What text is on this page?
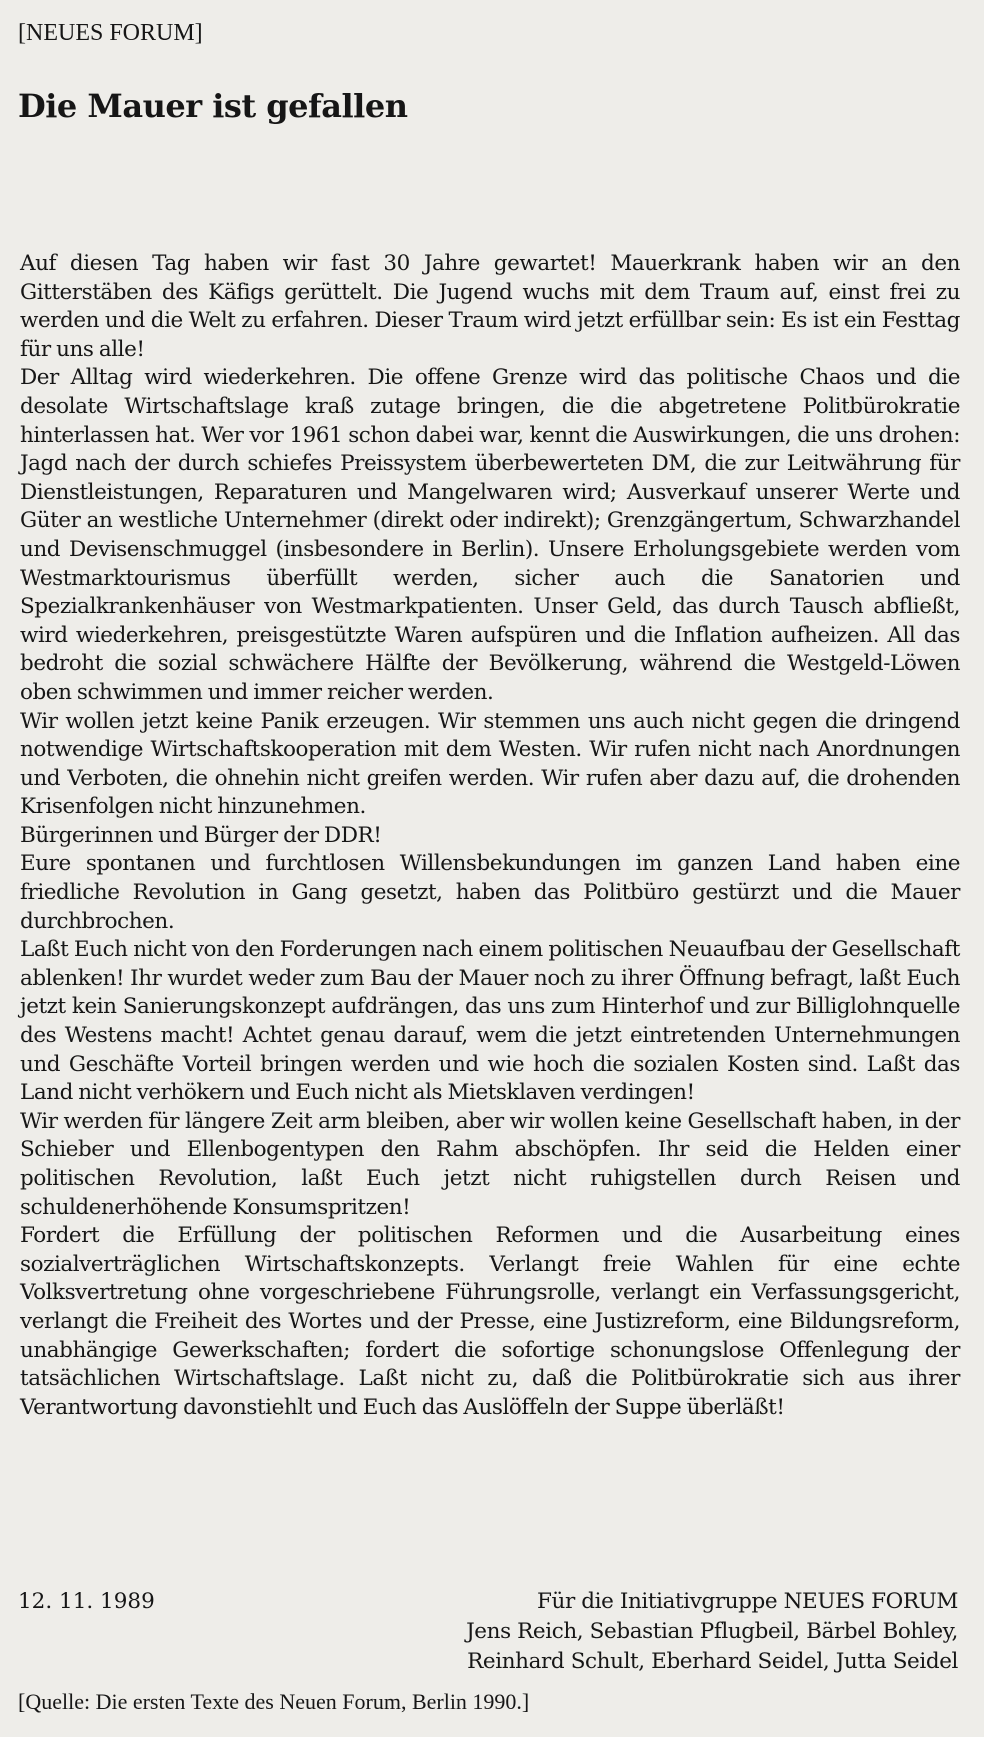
[NEUES FORUM]
Die Mauer ist gefallen

Auf diesen Tag haben wir fast 30 Jahre gewartet! Mauerkrank haben wir an den Gitterstäben des Käfigs gerüttelt. Die Jugend wuchs mit dem Traum auf, einst frei zu werden und die Welt zu erfahren. Dieser Traum wird jetzt erfüllbar sein: Es ist ein Festtag für uns alle!

Der Alltag wird wiederkehren. Die offene Grenze wird das politische Chaos und die desolate Wirtschaftslage kraß zutage bringen, die die abgetretene Politbürokratie hinterlassen hat. Wer vor 1961 schon dabei war, kennt die Auswirkungen, die uns drohen: Jagd nach der durch schiefes Preissystem überbewerteten DM, die zur Leitwährung für Dienstleistungen, Reparaturen und Mangelwaren wird; Ausverkauf unserer Werte und Güter an westliche Unternehmer (direkt oder indirekt); Grenzgängertum, Schwarzhandel und Devisenschmuggel (insbesondere in Berlin). Unsere Erholungsgebiete werden vom Westmarktourismus überfüllt werden, sicher auch die Sanatorien und Spezialkrankenhäuser von Westmarkpatienten. Unser Geld, das durch Tausch abfließt, wird wiederkehren, preisgestützte Waren aufspüren und die Inflation aufheizen. All das bedroht die sozial schwächere Hälfte der Bevölkerung, während die Westgeld-Löwen oben schwimmen und immer reicher werden.

Wir wollen jetzt keine Panik erzeugen. Wir stemmen uns auch nicht gegen die dringend notwendige Wirtschaftskooperation mit dem Westen. Wir rufen nicht nach Anordnungen und Verboten, die ohnehin nicht greifen werden. Wir rufen aber dazu auf, die drohenden Krisenfolgen nicht hinzunehmen.

Bürgerinnen und Bürger der DDR!

Eure spontanen und furchtlosen Willensbekundungen im ganzen Land haben eine friedliche Revolution in Gang gesetzt, haben das Politbüro gestürzt und die Mauer durchbrochen.

Laßt Euch nicht von den Forderungen nach einem politischen Neuaufbau der Gesellschaft ablenken! Ihr wurdet weder zum Bau der Mauer noch zu ihrer Öffnung befragt, laßt Euch jetzt kein Sanierungskonzept aufdrängen, das uns zum Hinterhof und zur Billiglohnquelle des Westens macht! Achtet genau darauf, wem die jetzt eintretenden Unternehmungen und Geschäfte Vorteil bringen werden und wie hoch die sozialen Kosten sind. Laßt das Land nicht verhökern und Euch nicht als Mietsklaven verdingen!

Wir werden für längere Zeit arm bleiben, aber wir wollen keine Gesellschaft haben, in der Schieber und Ellenbogentypen den Rahm abschöpfen. Ihr seid die Helden einer politischen Revolution, laßt Euch jetzt nicht ruhigstellen durch Reisen und schuldenerhöhende Konsumspritzen!

Fordert die Erfüllung der politischen Reformen und die Ausarbeitung eines sozialverträglichen Wirtschaftskonzepts. Verlangt freie Wahlen für eine echte Volksvertretung ohne vorgeschriebene Führungsrolle, verlangt ein Verfassungsgericht, verlangt die Freiheit des Wortes und der Presse, eine Justizreform, eine Bildungsreform, unabhängige Gewerkschaften; fordert die sofortige schonungslose Offenlegung der tatsächlichen Wirtschaftslage. Laßt nicht zu, daß die Politbürokratie sich aus ihrer Verantwortung davonstiehlt und Euch das Auslöffeln der Suppe überläßt!

12. 11. 1989	Für die Initiativgruppe NEUES FORUM
Jens Reich, Sebastian Pflugbeil, Bärbel Bohley,
Reinhard Schult, Eberhard Seidel, Jutta Seidel
[Quelle: Die ersten Texte des Neuen Forum, Berlin 1990.]
